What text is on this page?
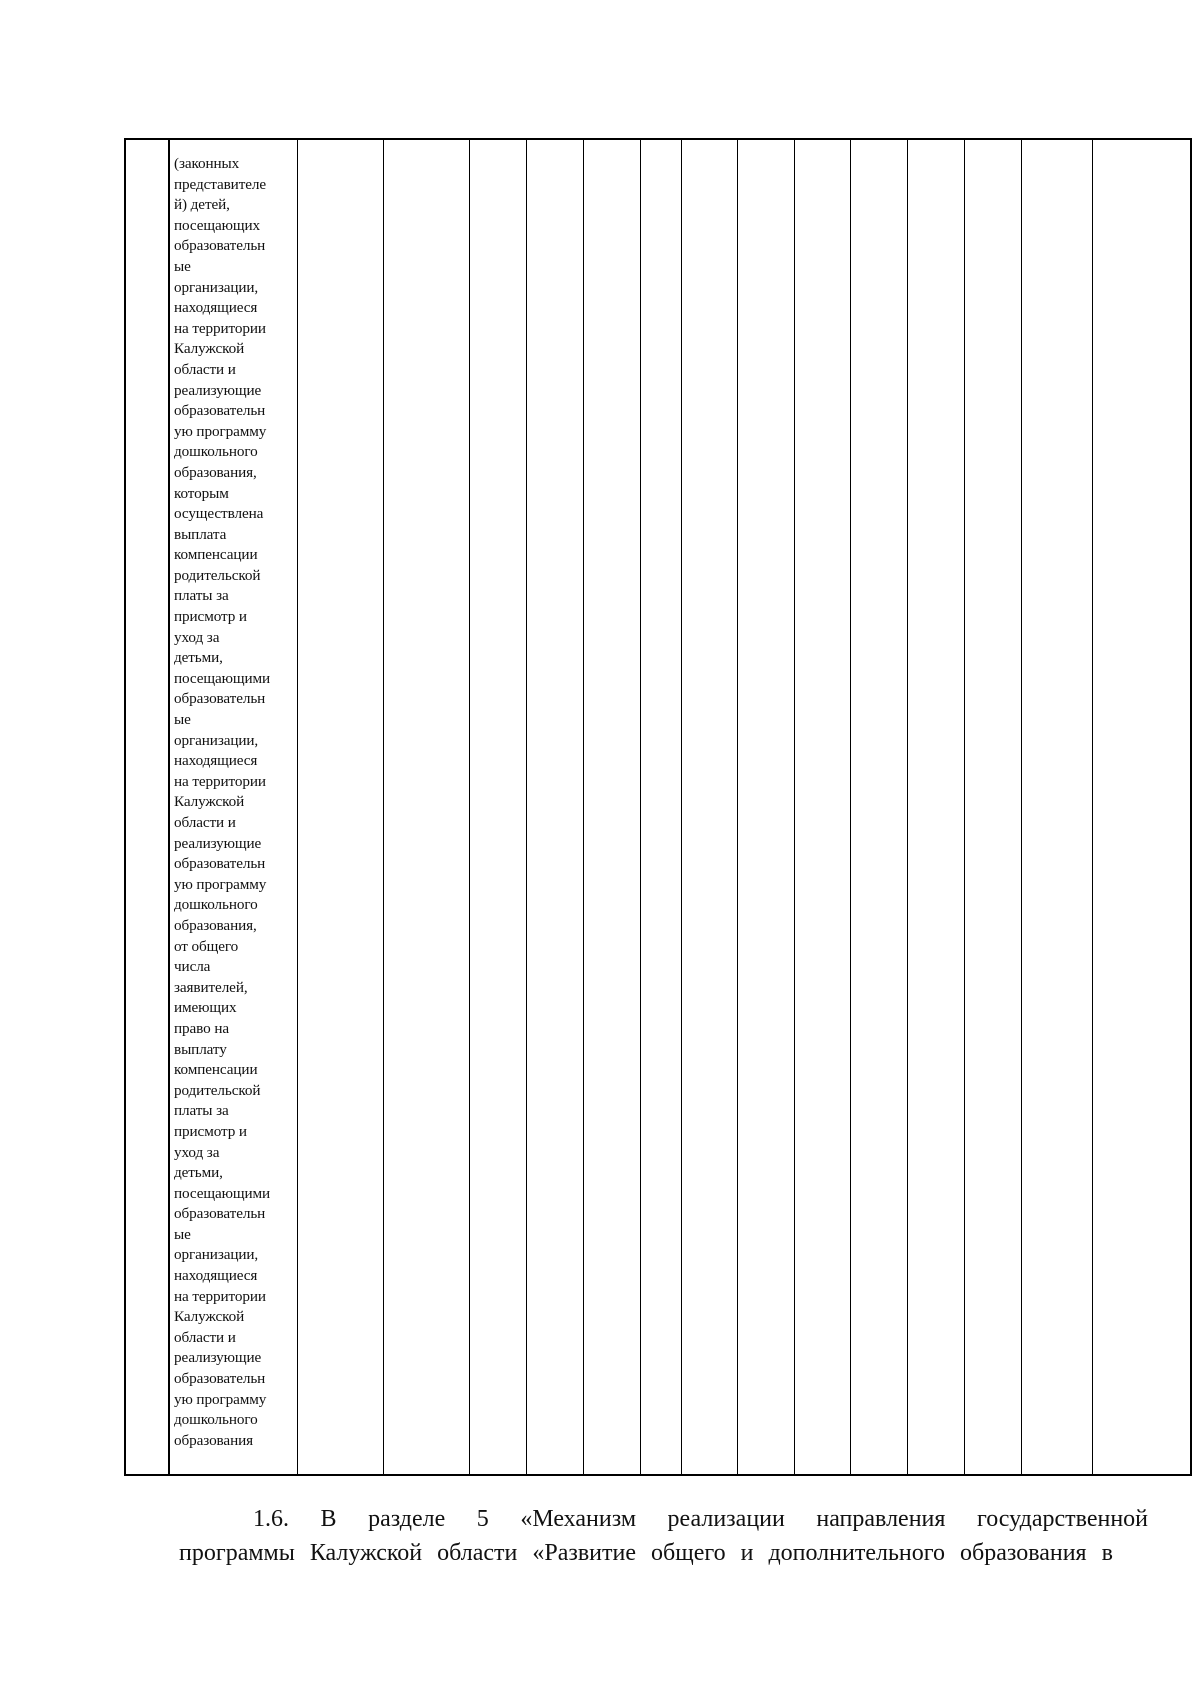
(законных
представителе
й) детей,
посещающих
образовательн
ые
организации,
находящиеся
на территории
Калужской
области и
реализующие
образовательн
ую программу
дошкольного
образования,
которым
осуществлена
выплата
компенсации
родительской
платы за
присмотр и
уход за
детьми,
посещающими
образовательн
ые
организации,
находящиеся
на территории
Калужской
области и
реализующие
образовательн
ую программу
дошкольного
образования,
от общего
числа
заявителей,
имеющих
право на
выплату
компенсации
родительской
платы за
присмотр и
уход за
детьми,
посещающими
образовательн
ые
организации,
находящиеся
на территории
Калужской
области и
реализующие
образовательн
ую программу
дошкольного
образования

1.6. В разделе 5 «Механизм реализации направления государственной программы Калужской области «Развитие общего и дополнительного образования в
